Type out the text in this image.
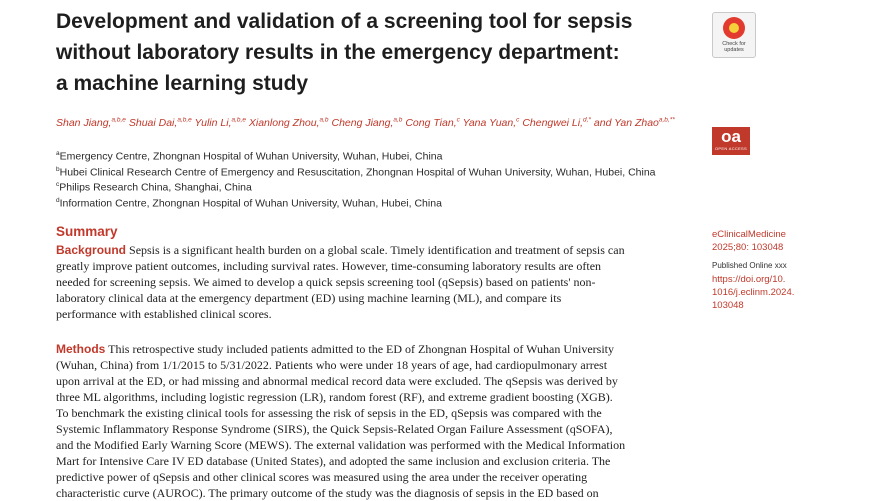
Development and validation of a screening tool for sepsis
without laboratory results in the emergency department:
a machine learning study
Check for
updates
Shan Jiang,$^{a,b,e}$ Shuai Dai,$^{a,b,e}$ Yulin Li,$^{a,b,e}$ Xianlong Zhou,$^{a,b}$ Cheng Jiang,$^{a,b}$ Cong Tian,$^c$ Yana Yuan,$^c$ Chengwei Li,$^{d,*}$ and Yan Zhao$^{a,b,**}$
oa
OPEN ACCESS
$^a$Emergency Centre, Zhongnan Hospital of Wuhan University, Wuhan, Hubei, China
$^b$Hubei Clinical Research Centre of Emergency and Resuscitation, Zhongnan Hospital of Wuhan University, Wuhan, Hubei, China
$^c$Philips Research China, Shanghai, China
$^d$Information Centre, Zhongnan Hospital of Wuhan University, Wuhan, Hubei, China
Summary

Background Sepsis is a significant health burden on a global scale. Timely identification and treatment of sepsis can
greatly improve patient outcomes, including survival rates. However, time-consuming laboratory results are often
needed for screening sepsis. We aimed to develop a quick sepsis screening tool (qSepsis) based on patients' non-
laboratory clinical data at the emergency department (ED) using machine learning (ML), and compare its
performance with established clinical scores.

Methods This retrospective study included patients admitted to the ED of Zhongnan Hospital of Wuhan University
(Wuhan, China) from 1/1/2015 to 5/31/2022. Patients who were under 18 years of age, had cardiopulmonary arrest
upon arrival at the ED, or had missing and abnormal medical record data were excluded. The qSepsis was derived by
three ML algorithms, including logistic regression (LR), random forest (RF), and extreme gradient boosting (XGB).
To benchmark the existing clinical tools for assessing the risk of sepsis in the ED, qSepsis was compared with the
Systemic Inflammatory Response Syndrome (SIRS), the Quick Sepsis-Related Organ Failure Assessment (qSOFA),
and the Modified Early Warning Score (MEWS). The external validation was performed with the Medical Information
Mart for Intensive Care IV ED database (United States), and adopted the same inclusion and exclusion criteria. The
predictive power of qSepsis and other clinical scores was measured using the area under the receiver operating
characteristic curve (AUROC). The primary outcome of the study was the diagnosis of sepsis in the ED based on

eClinicalMedicine
2025;80: 103048
Published Online xxx
https://doi.org/10.
1016/j.eclinm.2024.
103048
